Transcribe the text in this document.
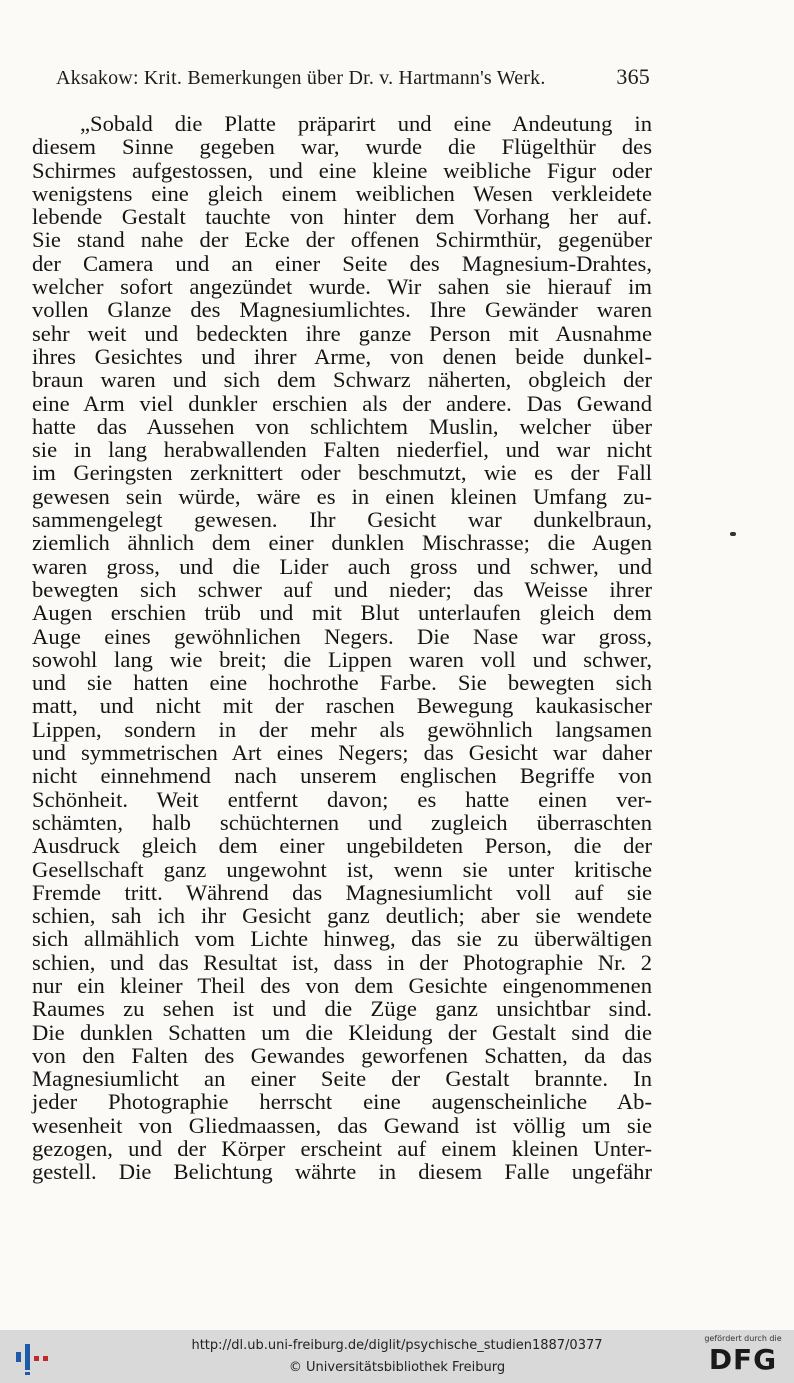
Aksakow: Krit. Bemerkungen über Dr. v. Hartmann's Werk.	365
„Sobald die Platte präparirt und eine Andeutung in
diesem Sinne gegeben war, wurde die Flügelthür des
Schirmes aufgestossen, und eine kleine weibliche Figur oder
wenigstens eine gleich einem weiblichen Wesen verkleidete
lebende Gestalt tauchte von hinter dem Vorhang her auf.
Sie stand nahe der Ecke der offenen Schirmthür, gegenüber
der Camera und an einer Seite des Magnesium-Drahtes,
welcher sofort angezündet wurde. Wir sahen sie hierauf im
vollen Glanze des Magnesiumlichtes. Ihre Gewänder waren
sehr weit und bedeckten ihre ganze Person mit Ausnahme
ihres Gesichtes und ihrer Arme, von denen beide dunkel-
braun waren und sich dem Schwarz näherten, obgleich der
eine Arm viel dunkler erschien als der andere. Das Gewand
hatte das Aussehen von schlichtem Muslin, welcher über
sie in lang herabwallenden Falten niederfiel, und war nicht
im Geringsten zerknittert oder beschmutzt, wie es der Fall
gewesen sein würde, wäre es in einen kleinen Umfang zu-
sammengelegt gewesen. Ihr Gesicht war dunkelbraun,
ziemlich ähnlich dem einer dunklen Mischrasse; die Augen
waren gross, und die Lider auch gross und schwer, und
bewegten sich schwer auf und nieder; das Weisse ihrer
Augen erschien trüb und mit Blut unterlaufen gleich dem
Auge eines gewöhnlichen Negers. Die Nase war gross,
sowohl lang wie breit; die Lippen waren voll und schwer,
und sie hatten eine hochrothe Farbe. Sie bewegten sich
matt, und nicht mit der raschen Bewegung kaukasischer
Lippen, sondern in der mehr als gewöhnlich langsamen
und symmetrischen Art eines Negers; das Gesicht war daher
nicht einnehmend nach unserem englischen Begriffe von
Schönheit. Weit entfernt davon; es hatte einen ver-
schämten, halb schüchternen und zugleich überraschten
Ausdruck gleich dem einer ungebildeten Person, die der
Gesellschaft ganz ungewohnt ist, wenn sie unter kritische
Fremde tritt. Während das Magnesiumlicht voll auf sie
schien, sah ich ihr Gesicht ganz deutlich; aber sie wendete
sich allmählich vom Lichte hinweg, das sie zu überwältigen
schien, und das Resultat ist, dass in der Photographie Nr. 2
nur ein kleiner Theil des von dem Gesichte eingenommenen
Raumes zu sehen ist und die Züge ganz unsichtbar sind.
Die dunklen Schatten um die Kleidung der Gestalt sind die
von den Falten des Gewandes geworfenen Schatten, da das
Magnesiumlicht an einer Seite der Gestalt brannte. In
jeder Photographie herrscht eine augenscheinliche Ab-
wesenheit von Gliedmaassen, das Gewand ist völlig um sie
gezogen, und der Körper erscheint auf einem kleinen Unter-
gestell. Die Belichtung währte in diesem Falle ungefähr
http://dl.ub.uni-freiburg.de/diglit/psychische_studien1887/0377
© Universitätsbibliothek Freiburg
gefördert durch die
DFG
